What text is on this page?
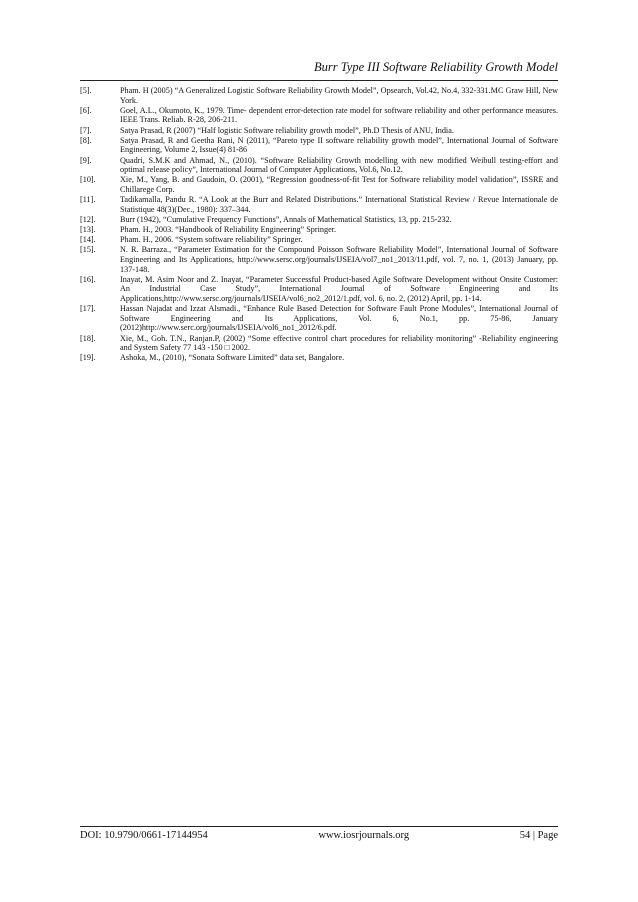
Burr Type III Software Reliability Growth Model
[5].	Pham. H (2005) “A Generalized Logistic Software Reliability Growth Model”, Opsearch, Vol.42, No.4, 332-331.MC Graw Hill, New York.
[6].	Goel, A.L., Okumoto, K., 1979. Time- dependent error-detection rate model for software reliability and other performance measures. IEEE Trans. Reliab. R-28, 206-211.
[7].	Satya Prasad, R (2007) “Half logistic Software reliability growth model”, Ph.D Thesis of ANU, India.
[8].	Satya Prasad, R and Geetha Rani, N (2011), “Pareto type II software reliability growth model”, International Journal of Software Engineering, Volume 2, Issue(4) 81-86
[9].	Quadri, S.M.K and Ahmad, N., (2010). “Software Reliability Growth modelling with new modified Weibull testing-effort and optimal release policy”, International Journal of Computer Applications, Vol.6, No.12.
[10].	Xie, M., Yang, B. and Gaudoin, O. (2001), “Regression goodness-of-fit Test for Software reliability model validation”, ISSRE and Chillarege Corp.
[11].	Tadikamalla, Pandu R. “A Look at the Burr and Related Distributions.” International Statistical Review / Revue Internationale de Statistique 48(3)(Dec., 1980): 337–344.
[12].	Burr (1942), “Cumulative Frequency Functions”, Annals of Mathematical Statistics, 13, pp. 215-232.
[13].	Pham. H., 2003. “Handbook of Reliability Engineering” Springer.
[14].	Pham. H., 2006. “System software reliability” Springer.
[15].	N. R. Barraza., “Parameter Estimation for the Compound Poisson Software Reliability Model”, International Journal of Software Engineering and Its Applications, http://www.sersc.org/journals/IJSEIA/vol7_no1_2013/11.pdf, vol. 7, no. 1, (2013) January, pp. 137-148.
[16].	Inayat, M. Asim Noor and Z. Inayat, “Parameter Successful Product-based Agile Software Development without Onsite Customer: An Industrial Case Study”, International Journal of Software Engineering and Its Applications,http://www.sersc.org/journals/IJSEIA/vol6_no2_2012/1.pdf, vol. 6, no. 2, (2012) April, pp. 1-14.
[17].	Hassan Najadat and Izzat Alsmadi., “Enhance Rule Based Detection for Software Fault Prone Modules”, International Journal of Software Engineering and Its Applications, Vol. 6, No.1, pp. 75-86, January (2012)http://www.serc.org/journals/IJSEIA/vol6_no1_2012/6.pdf.
[18].	Xie, M., Goh. T.N., Ranjan.P, (2002) “Some effective control chart procedures for reliability monitoring” -Reliability engineering and System Safety 77 143 -150 □ 2002.
[19].	Ashoka, M., (2010), “Sonata Software Limited” data set, Bangalore.
DOI: 10.9790/0661-17144954	www.iosrjournals.org	54 | Page
